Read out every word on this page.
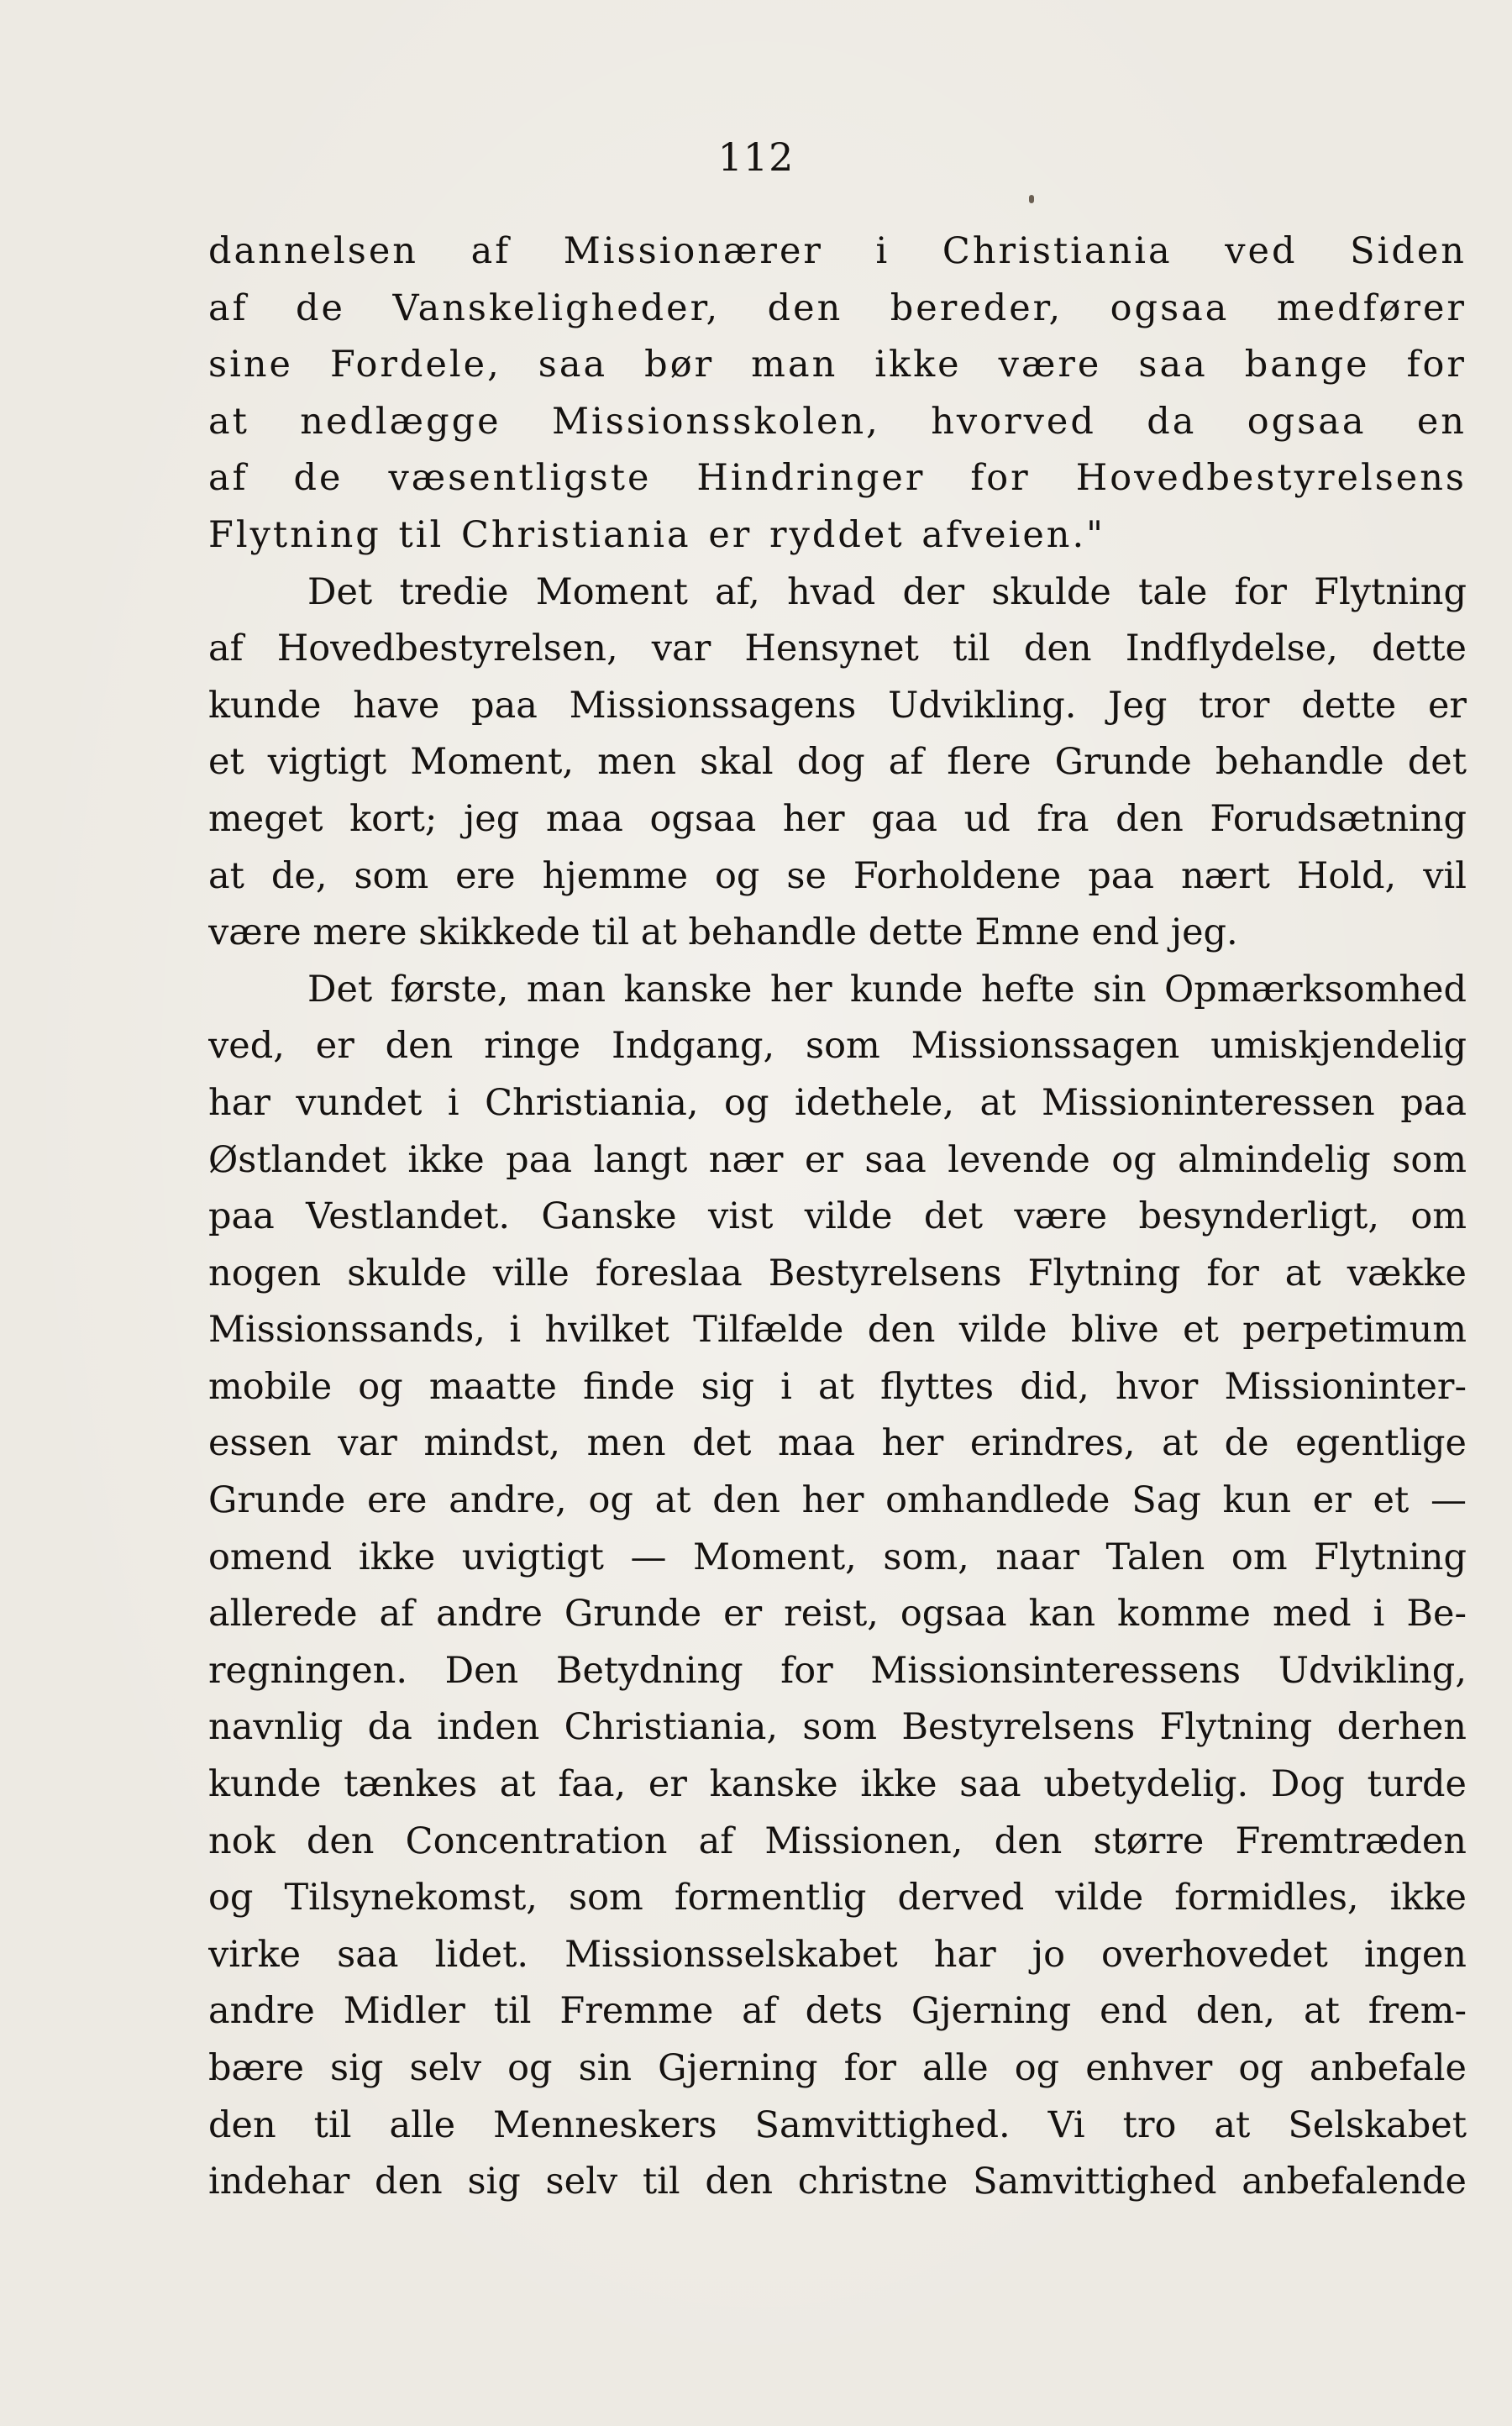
112
dannelsen af Missionærer i Christiania ved Siden
af de Vanskeligheder, den bereder, ogsaa medfører
sine Fordele, saa bør man ikke være saa bange for
at nedlægge Missionsskolen, hvorved da ogsaa en
af de væsentligste Hindringer for Hovedbestyrelsens
Flytning til Christiania er ryddet afveien."
Det tredie Moment af, hvad der skulde tale for Flytning
af Hovedbestyrelsen, var Hensynet til den Indflydelse, dette
kunde have paa Missionssagens Udvikling. Jeg tror dette er
et vigtigt Moment, men skal dog af flere Grunde behandle det
meget kort; jeg maa ogsaa her gaa ud fra den Forudsætning
at de, som ere hjemme og se Forholdene paa nært Hold, vil
være mere skikkede til at behandle dette Emne end jeg.
Det første, man kanske her kunde hefte sin Opmærksomhed
ved, er den ringe Indgang, som Missionssagen umiskjendelig
har vundet i Christiania, og idethele, at Missioninteressen paa
Østlandet ikke paa langt nær er saa levende og almindelig som
paa Vestlandet. Ganske vist vilde det være besynderligt, om
nogen skulde ville foreslaa Bestyrelsens Flytning for at vække
Missionssands, i hvilket Tilfælde den vilde blive et perpetimum
mobile og maatte finde sig i at flyttes did, hvor Missioninter-
essen var mindst, men det maa her erindres, at de egentlige
Grunde ere andre, og at den her omhandlede Sag kun er et —
omend ikke uvigtigt — Moment, som, naar Talen om Flytning
allerede af andre Grunde er reist, ogsaa kan komme med i Be-
regningen. Den Betydning for Missionsinteressens Udvikling,
navnlig da inden Christiania, som Bestyrelsens Flytning derhen
kunde tænkes at faa, er kanske ikke saa ubetydelig. Dog turde
nok den Concentration af Missionen, den større Fremtræden
og Tilsynekomst, som formentlig derved vilde formidles, ikke
virke saa lidet. Missionsselskabet har jo overhovedet ingen
andre Midler til Fremme af dets Gjerning end den, at frem-
bære sig selv og sin Gjerning for alle og enhver og anbefale
den til alle Menneskers Samvittighed. Vi tro at Selskabet
indehar den sig selv til den christne Samvittighed anbefalende
